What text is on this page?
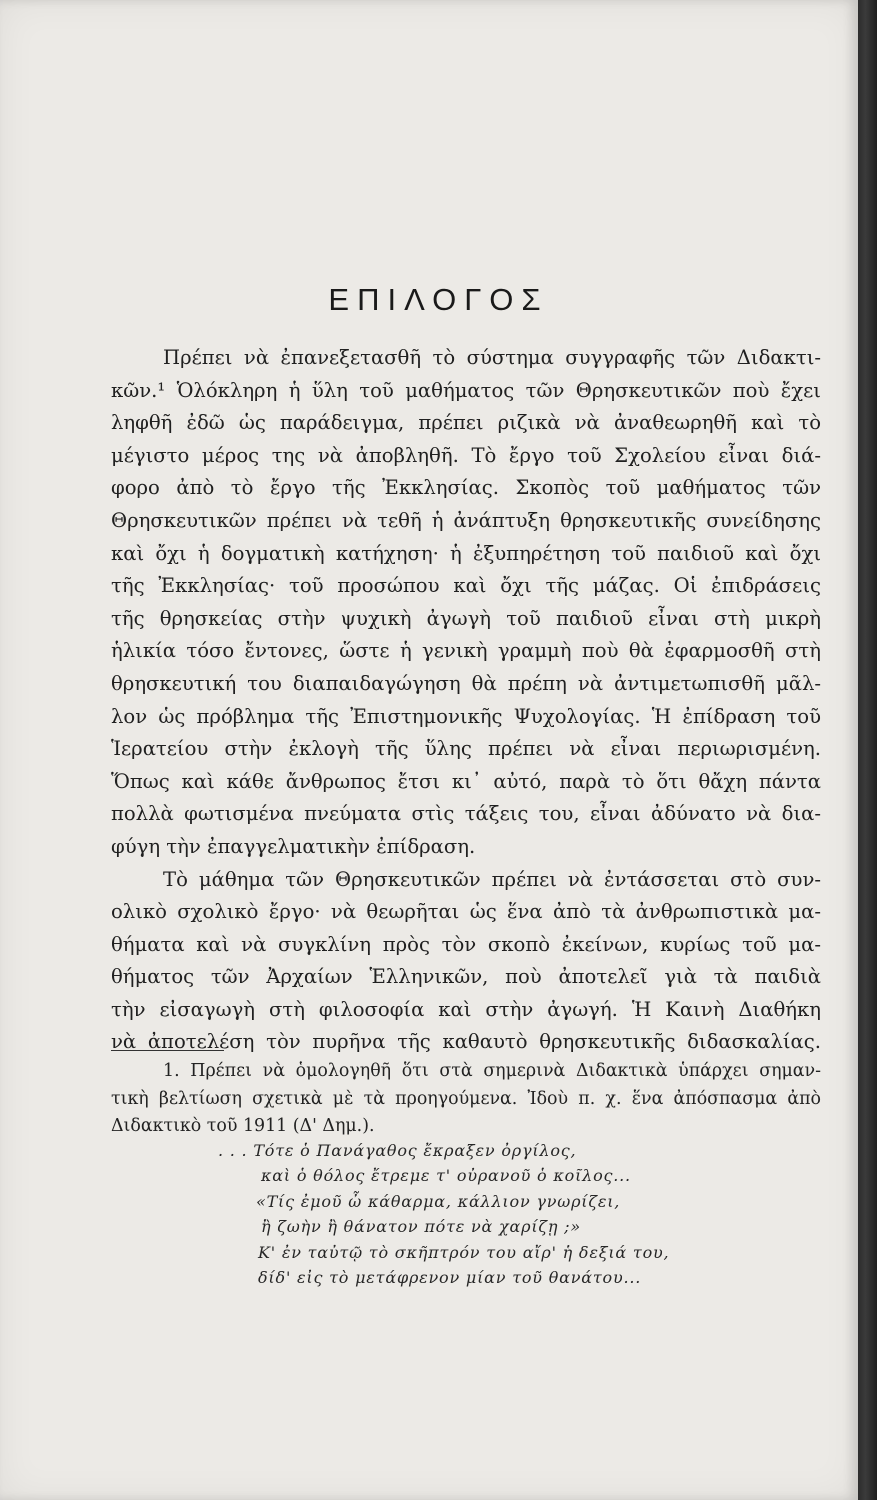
ΕΠΙΛΟΓΟΣ
Πρέπει νὰ ἐπανεξετασθῆ τὸ σύστημα συγγραφῆς τῶν Διδακτι-
κῶν.¹ Ὁλόκληρη ἡ ὕλη τοῦ μαθήματος τῶν Θρησκευτικῶν ποὺ ἔχει
ληφθῆ ἐδῶ ὡς παράδειγμα, πρέπει ριζικὰ νὰ ἀναθεωρηθῆ καὶ τὸ
μέγιστο μέρος της νὰ ἀποβληθῆ. Τὸ ἔργο τοῦ Σχολείου εἶναι διά-
φορο ἀπὸ τὸ ἔργο τῆς Ἐκκλησίας. Σκοπὸς τοῦ μαθήματος τῶν
Θρησκευτικῶν πρέπει νὰ τεθῆ ἡ ἀνάπτυξη θρησκευτικῆς συνείδησης
καὶ ὄχι ἡ δογματικὴ κατήχηση· ἡ ἐξυπηρέτηση τοῦ παιδιοῦ καὶ ὄχι
τῆς Ἐκκλησίας· τοῦ προσώπου καὶ ὄχι τῆς μάζας. Οἱ ἐπιδράσεις
τῆς θρησκείας στὴν ψυχικὴ ἀγωγὴ τοῦ παιδιοῦ εἶναι στὴ μικρὴ
ἡλικία τόσο ἔντονες, ὥστε ἡ γενικὴ γραμμὴ ποὺ θὰ ἐφαρμοσθῆ στὴ
θρησκευτική του διαπαιδαγώγηση θὰ πρέπη νὰ ἀντιμετωπισθῆ μᾶλ-
λον ὡς πρόβλημα τῆς Ἐπιστημονικῆς Ψυχολογίας. Ἡ ἐπίδραση τοῦ
Ἱερατείου στὴν ἐκλογὴ τῆς ὕλης πρέπει νὰ εἶναι περιωρισμένη.
Ὅπως καὶ κάθε ἄνθρωπος ἔτσι κι᾿ αὐτό, παρὰ τὸ ὅτι θἄχη πάντα
πολλὰ φωτισμένα πνεύματα στὶς τάξεις του, εἶναι ἀδύνατο νὰ δια-
φύγη τὴν ἐπαγγελματικὴν ἐπίδραση.
Τὸ μάθημα τῶν Θρησκευτικῶν πρέπει νὰ ἐντάσσεται στὸ συν-
ολικὸ σχολικὸ ἔργο· νὰ θεωρῆται ὡς ἕνα ἀπὸ τὰ ἀνθρωπιστικὰ μα-
θήματα καὶ νὰ συγκλίνη πρὸς τὸν σκοπὸ ἐκείνων, κυρίως τοῦ μα-
θήματος τῶν Ἀρχαίων Ἑλληνικῶν, ποὺ ἀποτελεῖ γιὰ τὰ παιδιὰ
τὴν εἰσαγωγὴ στὴ φιλοσοφία καὶ στὴν ἀγωγή. Ἡ Καινὴ Διαθήκη
νὰ ἀποτελέση τὸν πυρῆνα τῆς καθαυτὸ θρησκευτικῆς διδασκαλίας.
1. Πρέπει νὰ ὁμολογηθῆ ὅτι στὰ σημερινὰ Διδακτικὰ ὑπάρχει σημαν-
τικὴ βελτίωση σχετικὰ μὲ τὰ προηγούμενα. Ἰδοὺ π. χ. ἕνα ἀπόσπασμα ἀπὸ
Διδακτικὸ τοῦ 1911 (Δ' Δημ.).
. . . Τότε ὁ Πανάγαθος ἔκραξεν ὀργίλος,
καὶ ὁ θόλος ἔτρεμε τ' οὐρανοῦ ὁ κοῖλος...
«Τίς ἐμοῦ ὦ κάθαρμα, κάλλιον γνωρίζει,
ἢ ζωὴν ἢ θάνατον πότε νὰ χαρίζῃ ;»
Κ' ἐν ταὐτῷ τὸ σκῆπτρόν του αἴρ' ἡ δεξιά του,
δίδ' εἰς τὸ μετάφρενον μίαν τοῦ θανάτου...
